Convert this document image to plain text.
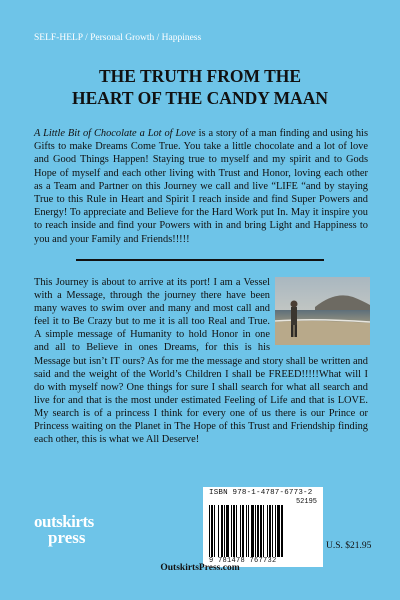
SELF-HELP / Personal Growth / Happiness
THE TRUTH FROM THE
HEART OF THE CANDY MAAN
A Little Bit of Chocolate a Lot of Love is a story of a man finding and using his Gifts to make Dreams Come True. You take a little chocolate and a lot of love and Good Things Happen! Staying true to myself and my spirit and to Gods Hope of myself and each other living with Trust and Honor, loving each other as a Team and Partner on this Journey we call and live “LIFE “and by staying True to this Rule in Heart and Spirit I reach inside and find Super Powers and Energy! To appreciate and Believe for the Hard Work put In. May it inspire you to reach inside and find your Powers with in and bring Light and Happiness to you and your Family and Friends!!!!!
This Journey is about to arrive at its port! I am a Vessel with a Message, through the journey there have been many waves to swim over and many and most call and feel it to Be Crazy but to me it is all too Real and True. A simple message of Humanity to hold Honor in one and all to Believe in ones Dreams, for this is his Message but isn’t IT ours? As for me the message and story shall be written and said and the weight of the World’s Children I shall be FREED!!!!!What will I do with myself now? One things for sure I shall search for what all search and live for and that is the most under estimated Feeling of Life and that is LOVE. My search is of a princess I think for every one of us there is our Prince or Princess waiting on the Planet in The Hope of this Trust and Friendship finding each other, this is what we All Deserve!
ISBN 978-1-4787-6773-2
52195
9 781478 767732
outskirts
press	U.S. $21.95
OutskirtsPress.com
